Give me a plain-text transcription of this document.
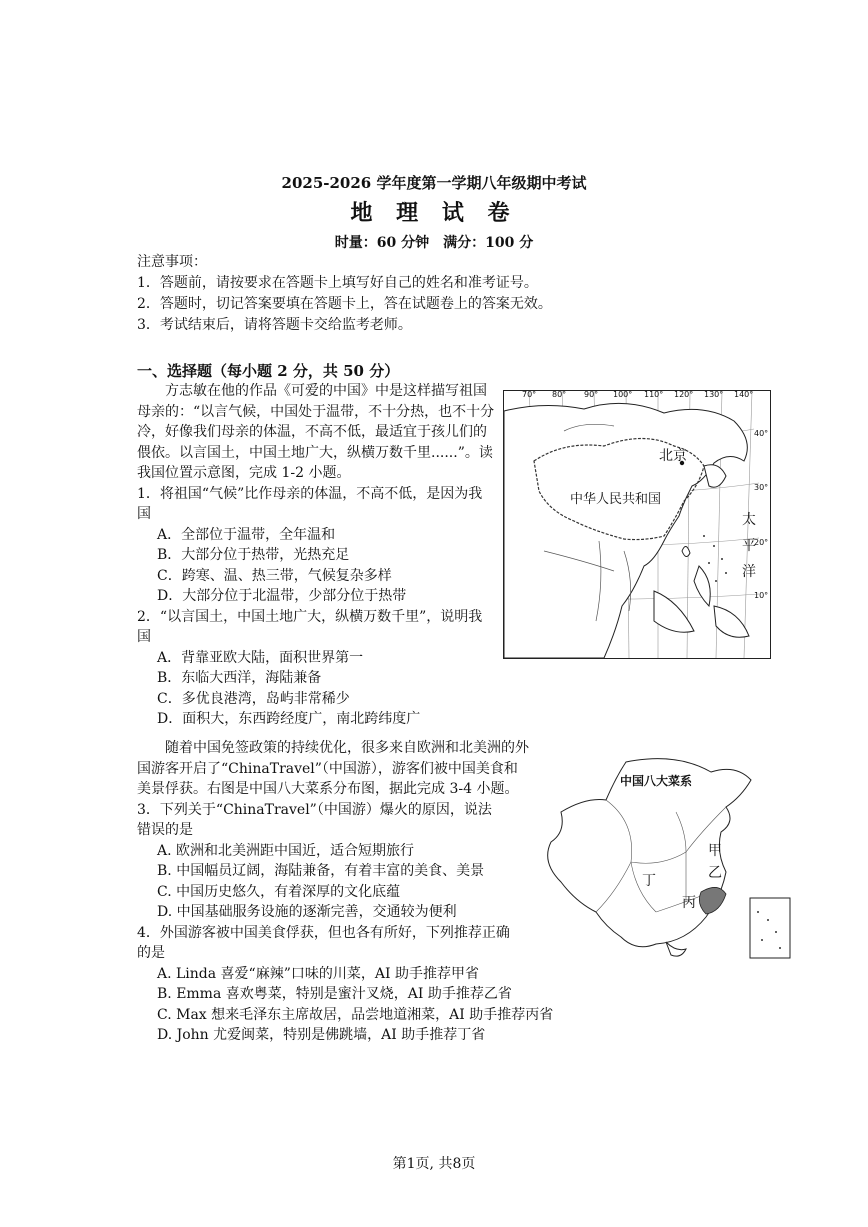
2025-2026 学年度第一学期八年级期中考试
地 理 试 卷
时量：60 分钟　满分：100 分
注意事项：
1．答题前，请按要求在答题卡上填写好自己的姓名和准考证号。
2．答题时，切记答案要填在答题卡上，答在试题卷上的答案无效。
3．考试结束后，请将答题卡交给监考老师。
一、选择题（每小题 2 分，共 50 分）

方志敏在他的作品《可爱的中国》中是这样描写祖国母亲的：“以言气候，中国处于温带，不十分热，也不十分冷，好像我们母亲的体温，不高不低，最适宜于孩儿们的偎依。以言国土，中国土地广大，纵横万数千里......”。读我国位置示意图，完成 1-2 小题。

1．将祖国“气候”比作母亲的体温，不高不低，是因为我国

A．全部位于温带，全年温和

B．大部分位于热带，光热充足

C．跨寒、温、热三带，气候复杂多样

D．大部分位于北温带，少部分位于热带

2．“以言国土，中国土地广大，纵横万数千里”，说明我国

A．背靠亚欧大陆，面积世界第一

B．东临大西洋，海陆兼备

C．多优良港湾，岛屿非常稀少

D．面积大，东西跨经度广，南北跨纬度广

70° 80° 90° 100° 110° 120° 130° 140°
40°
30°
20°
10°
北京
中华人民共和国
太
平
洋

随着中国免签政策的持续优化，很多来自欧洲和北美洲的外国游客开启了“ChinaTravel”（中国游），游客们被中国美食和美景俘获。右图是中国八大菜系分布图，据此完成 3-4 小题。

3．下列关于“ChinaTravel”（中国游）爆火的原因，说法错误的是

A. 欧洲和北美洲距中国近，适合短期旅行

B. 中国幅员辽阔，海陆兼备，有着丰富的美食、美景

C. 中国历史悠久，有着深厚的文化底蕴

D. 中国基础服务设施的逐渐完善，交通较为便利

4．外国游客被中国美食俘获，但也各有所好，下列推荐正确的是

A. Linda 喜爱“麻辣”口味的川菜，AI 助手推荐甲省

B. Emma 喜欢粤菜，特别是蜜汁叉烧，AI 助手推荐乙省

C. Max 想来毛泽东主席故居，品尝地道湘菜，AI 助手推荐丙省

D. John 尤爱闽菜，特别是佛跳墙，AI 助手推荐丁省

中国八大菜系
甲
乙
丙
丁
第1页, 共8页
